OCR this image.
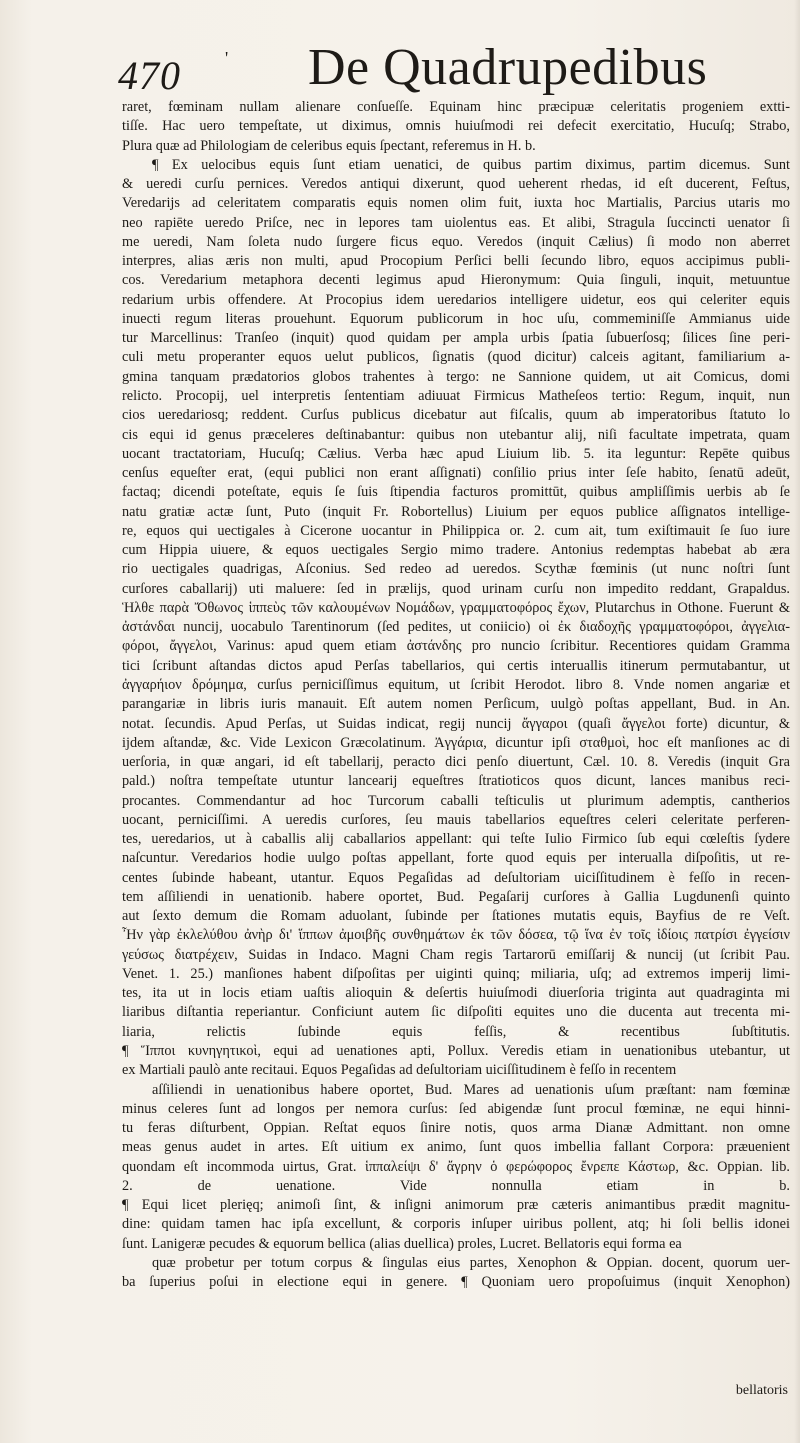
470 ' De Quadrupedibus
raret, fœminam nullam alienare conſueſſe. Equinam hinc præcipuæ celeritatis progeniem extti-
tiſſe. Hac uero tempeſtate, ut diximus, omnis huiuſmodi rei defecit exercitatio, Hucuſq; Strabo,
Plura quæ ad Philologiam de celeribus equis ſpectant, referemus in H. b.
¶ Ex uelocibus equis ſunt etiam uenatici, de quibus partim diximus, partim dicemus. Sunt
& ueredi curſu pernices. Veredos antiqui dixerunt, quod ueherent rhedas, id eſt ducerent, Feſtus,
Veredarijs ad celeritatem comparatis equis nomen olim fuit, iuxta hoc Martialis, Parcius utaris mo
neo rapiēte ueredo Priſce, nec in lepores tam uiolentus eas. Et alibi, Stragula ſuccincti uenator ſi
me ueredi, Nam ſoleta nudo ſurgere ficus equo. Veredos (inquit Cælius) ſi modo non aberret
interpres, alias æris non multi, apud Procopium Perſici belli ſecundo libro, equos accipimus publi-
cos. Veredarium metaphora decenti legimus apud Hieronymum: Quia ſinguli, inquit, metuuntue
redarium urbis offendere. At Procopius idem ueredarios intelligere uidetur, eos qui celeriter equis
inuecti regum literas prouehunt. Equorum publicorum in hoc uſu, commeminiſſe Ammianus uide
tur Marcellinus: Tranſeo (inquit) quod quidam per ampla urbis ſpatia ſubuerſosq; ſilices ſine peri-
culi metu properanter equos uelut publicos, ſignatis (quod dicitur) calceis agitant, familiarium a-
gmina tanquam prædatorios globos trahentes à tergo: ne Sannione quidem, ut ait Comicus, domi
relicto. Procopij, uel interpretis ſententiam adiuuat Firmicus Matheſeos tertio: Regum, inquit, nun
cios ueredariosq; reddent. Curſus publicus dicebatur aut fiſcalis, quum ab imperatoribus ſtatuto lo
cis equi id genus præceleres deſtinabantur: quibus non utebantur alij, niſi facultate impetrata, quam
uocant tractatoriam, Hucuſq; Cælius. Verba hæc apud Liuium lib. 5. ita leguntur: Repēte quibus
cenſus equeſter erat, (equi publici non erant aſſignati) conſilio prius inter ſeſe habito, ſenatū adeūt,
factaq; dicendi poteſtate, equis ſe ſuis ſtipendia facturos promittūt, quibus ampliſſimis uerbis ab ſe
natu gratiæ actæ ſunt, Puto (inquit Fr. Robortellus) Liuium per equos publice aſſignatos intellige-
re, equos qui uectigales à Cicerone uocantur in Philippica or. 2. cum ait, tum exiſtimauit ſe ſuo iure
cum Hippia uiuere, & equos uectigales Sergio mimo tradere. Antonius redemptas habebat ab æra
rio uectigales quadrigas, Aſconius. Sed redeo ad ueredos. Scythæ fœminis (ut nunc noſtri ſunt
curſores caballarij) uti maluere: ſed in prælijs, quod urinam curſu non impedito reddant, Grapaldus.
Ἡλθε παρὰ Ὄθωνος ἱππεὺς τῶν καλουμένων Νομάδων, γραμματοφόρος ἔχων, Plutarchus in Othone. Fuerunt &
ἀστάνδαι nuncij, uocabulo Tarentinorum (ſed pedites, ut coniicio) οἱ ἐκ διαδοχῆς γραμματοφόροι, ἀγγελια-
φόροι, ἄγγελοι, Varinus: apud quem etiam ἀστάνδης pro nuncio ſcribitur. Recentiores quidam Gramma
tici ſcribunt aſtandas dictos apud Perſas tabellarios, qui certis interuallis itinerum permutabantur, ut
ἀγγαρήιον δρόμημα, curſus perniciſſimus equitum, ut ſcribit Herodot. libro 8. Vnde nomen angariæ et
parangariæ in libris iuris manauit. Eſt autem nomen Perſicum, uulgò poſtas appellant, Bud. in An.
notat. ſecundis. Apud Perſas, ut Suidas indicat, regij nuncij ἄγγαροι (quaſi ἄγγελοι forte) dicuntur, &
ijdem aſtandæ, &c. Vide Lexicon Græcolatinum. Ἀγγάρια, dicuntur ipſi σταθμοὶ, hoc eſt manſiones ac di
uerſoria, in quæ angari, id eſt tabellarij, peracto dici penſo diuertunt, Cæl. 10. 8. Veredis (inquit Gra
pald.) noſtra tempeſtate utuntur lancearij equeſtres ſtratioticos quos dicunt, lances manibus reci-
procantes. Commendantur ad hoc Turcorum caballi teſticulis ut plurimum ademptis, cantherios
uocant, perniciſſimi. A ueredis curſores, ſeu mauis tabellarios equeſtres celeri celeritate perferen-
tes, ueredarios, ut à caballis alij caballarios appellant: qui teſte Iulio Firmico ſub equi cœleſtis ſydere
naſcuntur. Veredarios hodie uulgo poſtas appellant, forte quod equis per interualla diſpoſitis, ut re-
centes ſubinde habeant, utantur. Equos Pegaſidas ad deſultoriam uiciſſitudinem è feſſo in recen-
tem aſſiliendi in uenationib. habere oportet, Bud. Pegaſarij curſores à Gallia Lugdunenſi quinto
aut ſexto demum die Romam aduolant, ſubinde per ſtationes mutatis equis, Bayfius de re Veſt.
Ἦν γὰρ ἐκλελύθου ἀνὴρ δι' ἵππων ἀμοιβῆς συνθημάτων ἐκ τῶν δόσεα, τῷ ἵνα ἐν τοῖς ἰδίοις πατρίσι ἐγγείσιν
γεύσως διατρέχειν, Suidas in Indaco. Magni Cham regis Tartarorū emiſſarij & nuncij (ut ſcribit Pau.
Venet. 1. 25.) manſiones habent diſpoſitas per uiginti quinq; miliaria, uſq; ad extremos imperij limi-
tes, ita ut in locis etiam uaſtis alioquin & deſertis huiuſmodi diuerſoria triginta aut quadraginta mi
liaribus diſtantia reperiantur. Conficiunt autem ſic diſpoſiti equites uno die ducenta aut trecenta mi-
liaria, relictis ſubinde equis feſſis, & recentibus ſubſtitutis.
¶ Ἵπποι κυνηγητικοὶ, equi ad uenationes apti, Pollux. Veredis etiam in uenationibus utebantur, ut
ex Martiali paulò ante recitaui. Equos Pegaſidas ad deſultoriam uiciſſitudinem è feſſo in recentem
aſſiliendi in uenationibus habere oportet, Bud. Mares ad uenationis uſum præſtant: nam fœminæ
minus celeres ſunt ad longos per nemora curſus: ſed abigendæ ſunt procul fœminæ, ne equi hinni-
tu feras diſturbent, Oppian. Reſtat equos ſinire notis, quos arma Dianæ Admittant. non omne
meas genus audet in artes. Eſt uitium ex animo, ſunt quos imbellia fallant Corpora: præuenient
quondam eſt incommoda uirtus, Grat. ἱππαλείψι δ' ἄγρην ὁ φερώφορος ἔνρεπε Κάστωρ, &c. Oppian. lib.
2. de uenatione. Vide nonnulla etiam in b.
¶ Equi licet plerięq; animoſi ſint, & inſigni animorum præ cæteris animantibus prædit magnitu-
dine: quidam tamen hac ipſa excellunt, & corporis inſuper uiribus pollent, atq; hi ſoli bellis idonei
ſunt. Lanigeræ pecudes & equorum bellica (alias duellica) proles, Lucret. Bellatoris equi forma ea
quæ probetur per totum corpus & ſingulas eius partes, Xenophon & Oppian. docent, quorum uer-
ba ſuperius poſui in electione equi in genere. ¶ Quoniam uero propoſuimus (inquit Xenophon)
bellatoris
